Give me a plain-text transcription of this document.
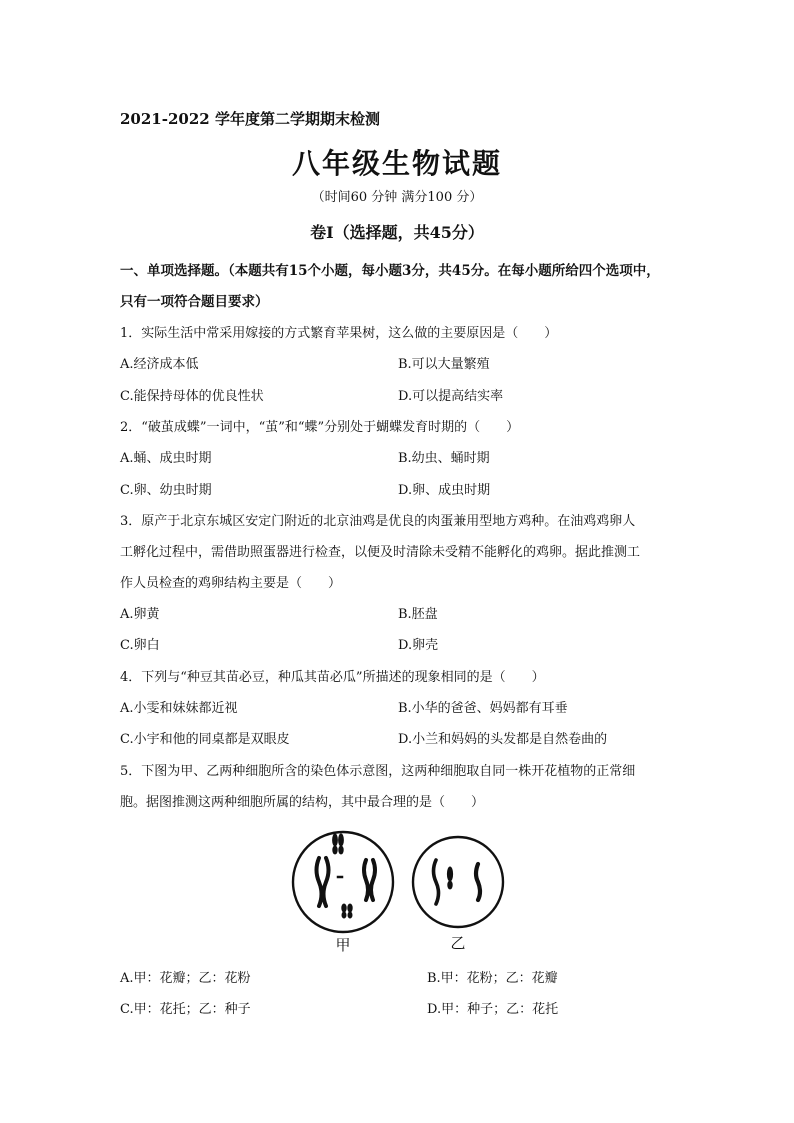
2021-2022 学年度第二学期期末检测
八年级生物试题
（时间60 分钟 满分100 分）
卷Ⅰ（选择题，共45分）
一、单项选择题。（本题共有15个小题，每小题3分，共45分。在每小题所给四个选项中，
只有一项符合题目要求）
1．实际生活中常采用嫁接的方式繁育苹果树，这么做的主要原因是（　　）
A.经济成本低	B.可以大量繁殖
C.能保持母体的优良性状	D.可以提高结实率
2．“破茧成蝶”一词中，“茧”和“蝶”分别处于蝴蝶发育时期的（　　）
A.蛹、成虫时期	B.幼虫、蛹时期
C.卵、幼虫时期	D.卵、成虫时期
3．原产于北京东城区安定门附近的北京油鸡是优良的肉蛋兼用型地方鸡种。在油鸡鸡卵人
工孵化过程中，需借助照蛋器进行检查，以便及时清除未受精不能孵化的鸡卵。据此推测工
作人员检查的鸡卵结构主要是（　　）
A.卵黄	B.胚盘
C.卵白	D.卵壳
4．下列与“种豆其苗必豆，种瓜其苗必瓜”所描述的现象相同的是（　　）
A.小雯和妹妹都近视	B.小华的爸爸、妈妈都有耳垂
C.小宇和他的同桌都是双眼皮	D.小兰和妈妈的头发都是自然卷曲的
5．下图为甲、乙两种细胞所含的染色体示意图，这两种细胞取自同一株开花植物的正常细
胞。据图推测这两种细胞所属的结构，其中最合理的是（　　）
甲	乙
A.甲：花瓣；乙：花粉	B.甲：花粉；乙：花瓣
C.甲：花托；乙：种子	D.甲：种子；乙：花托
